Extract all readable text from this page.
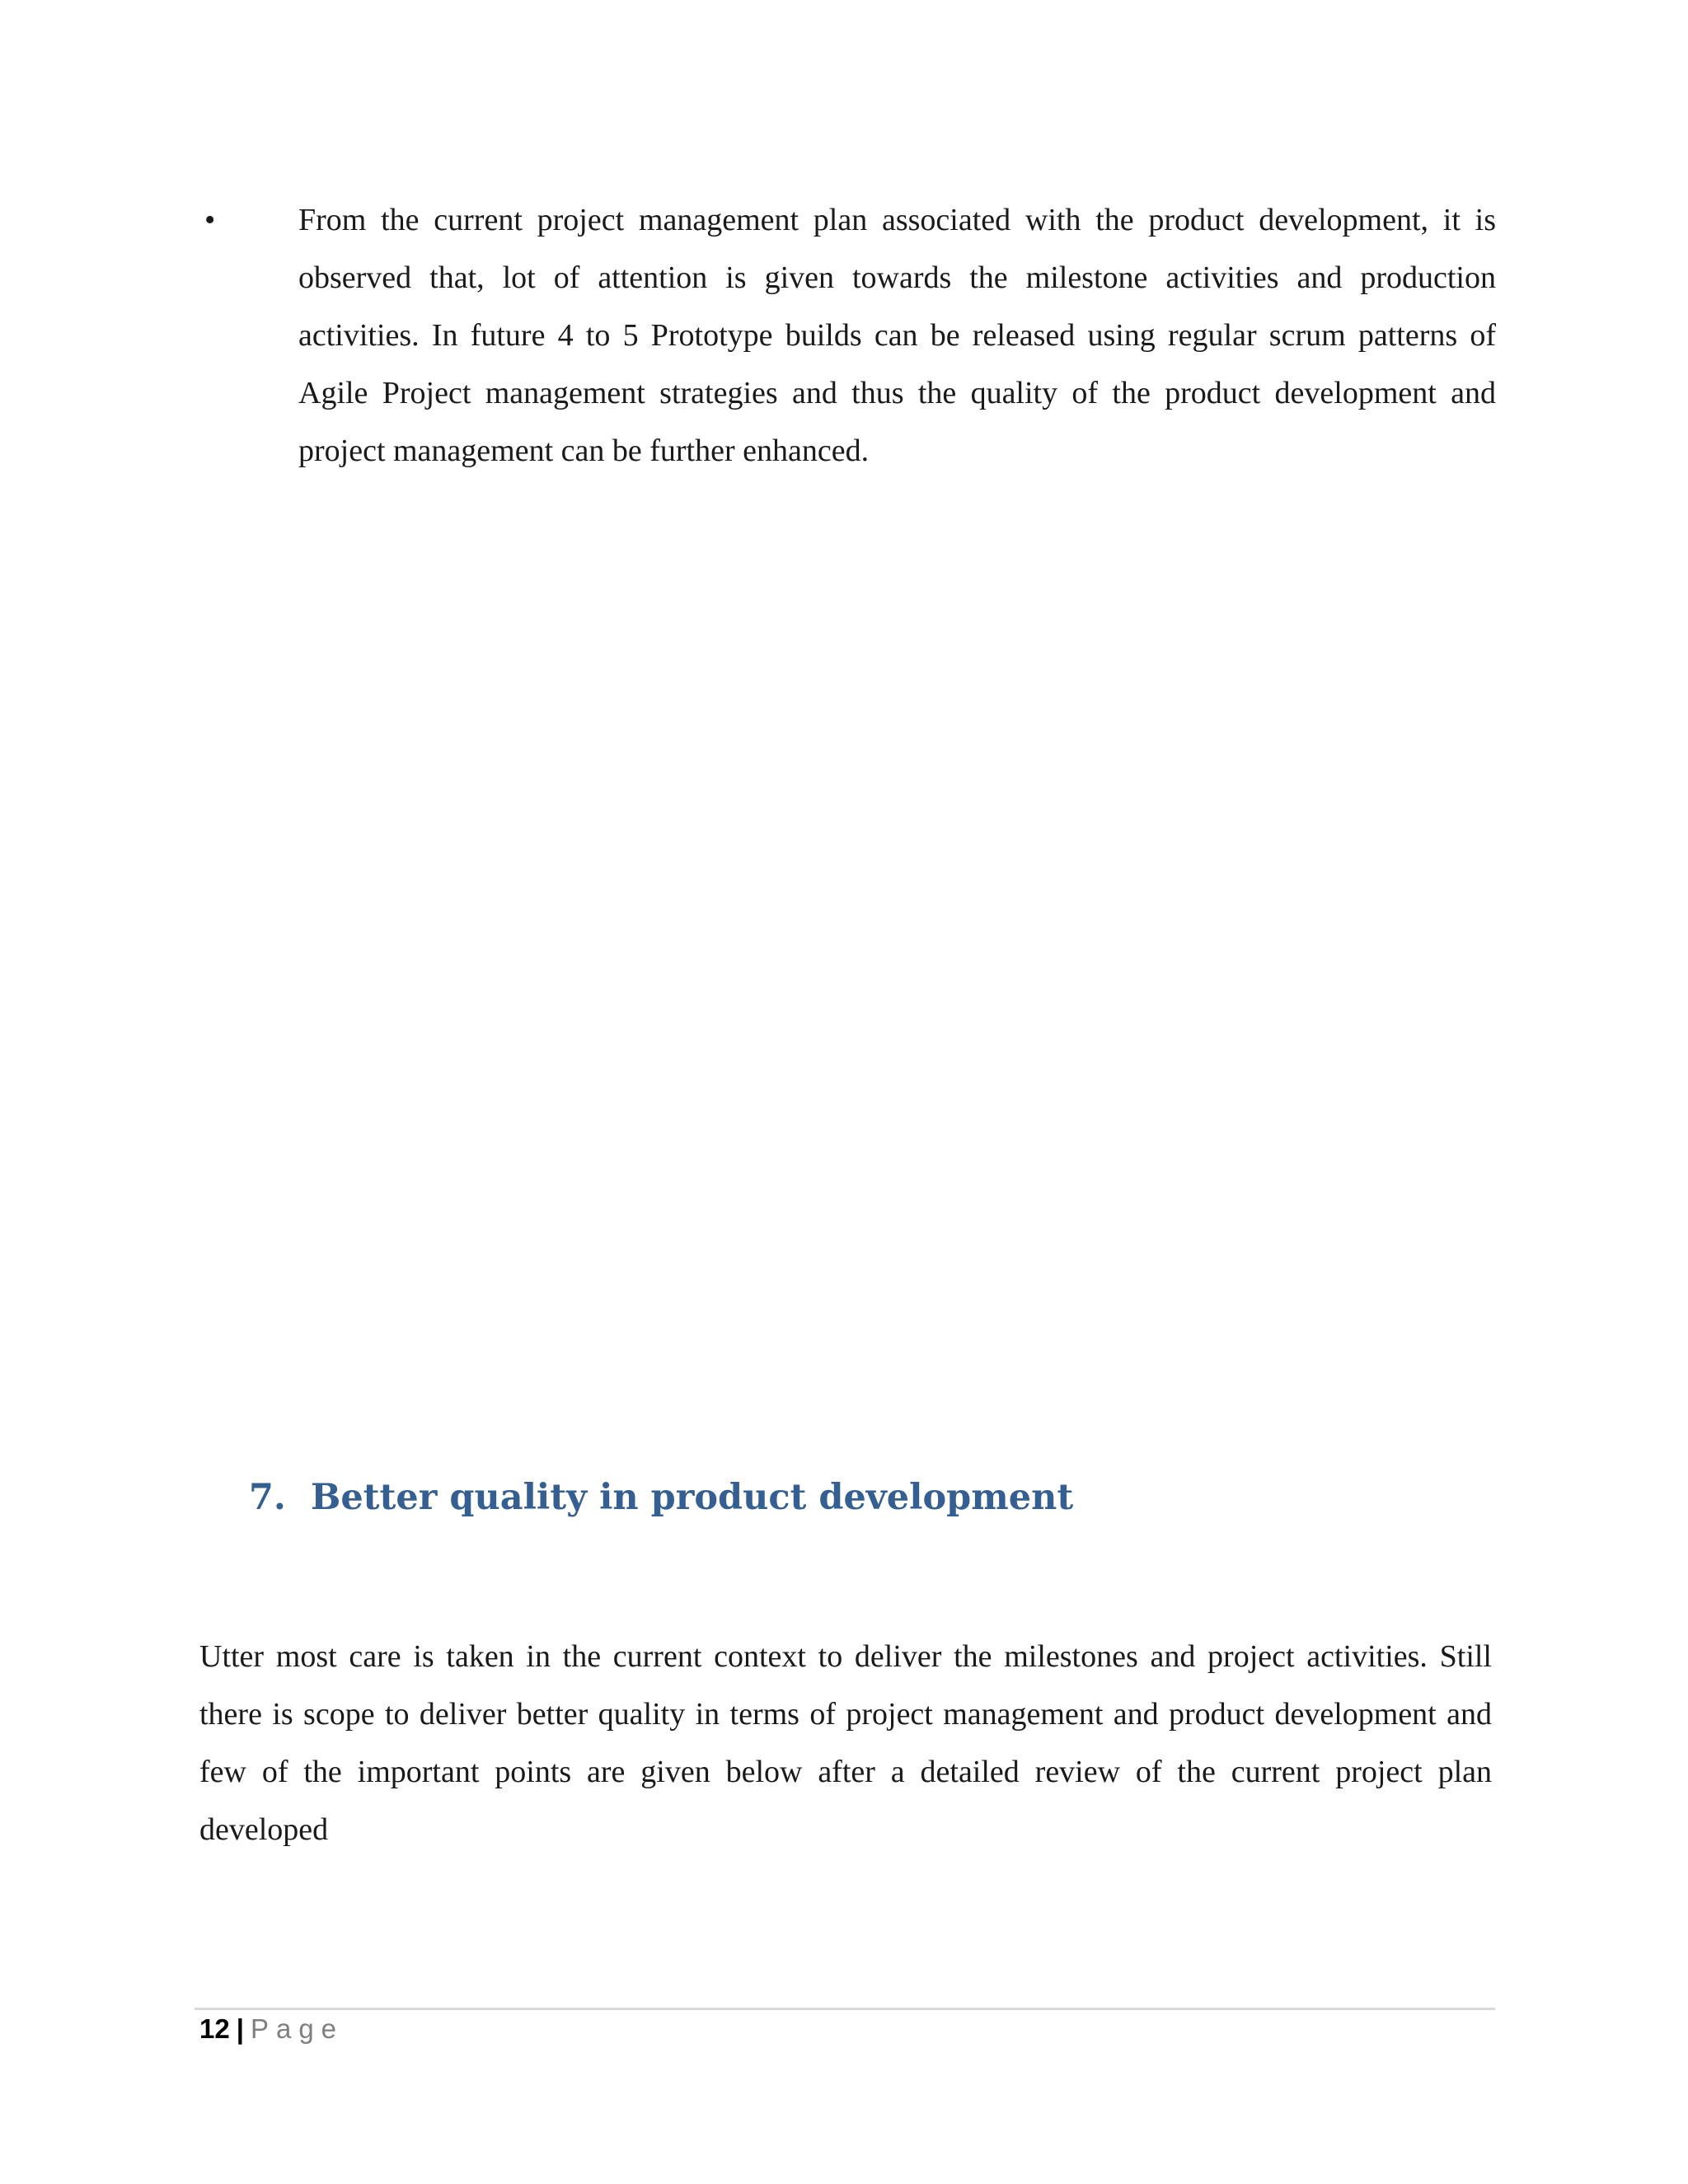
•	From the current project management plan associated with the product development, it is observed that, lot of attention is given towards the milestone activities and production activities. In future 4 to 5 Prototype builds can be released using regular scrum patterns of Agile Project management strategies and thus the quality of the product development and project management can be further enhanced.

7. Better quality in product development

Utter most care is taken in the current context to deliver the milestones and project activities. Still there is scope to deliver better quality in terms of project management and product development and few of the important points are given below after a detailed review of the current project plan developed

12 | Page
